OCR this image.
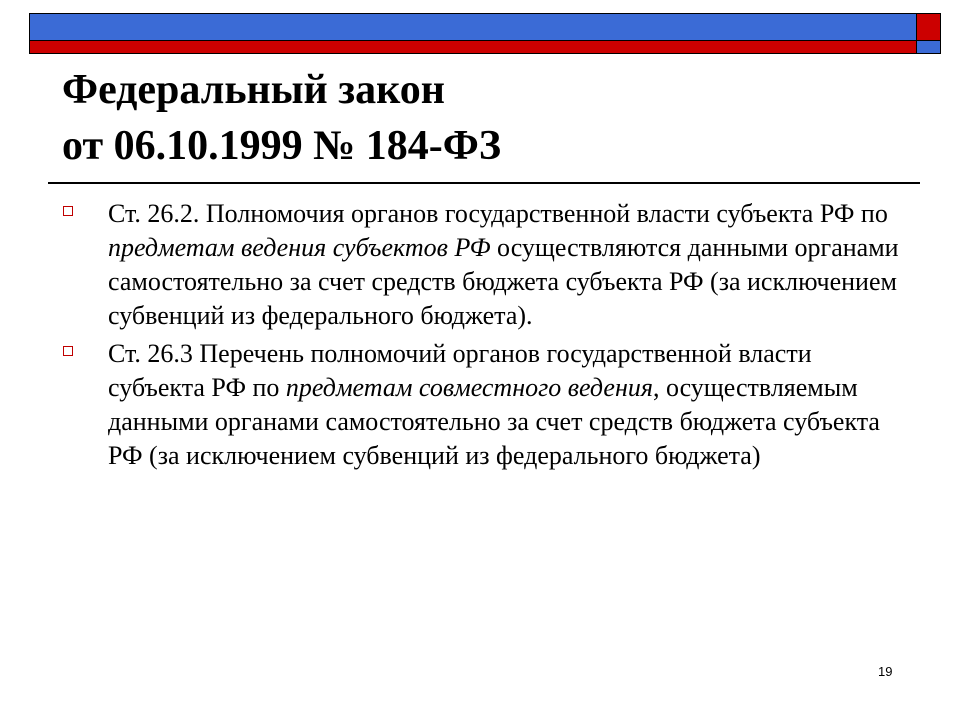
Федеральный закон
от 06.10.1999 № 184-ФЗ
Ст. 26.2. Полномочия органов государственной власти субъекта РФ по предметам ведения субъектов РФ осуществляются данными органами самостоятельно за счет средств бюджета субъекта РФ (за исключением субвенций из федерального бюджета).
Ст. 26.3 Перечень полномочий органов государственной власти субъекта РФ по предметам совместного ведения, осуществляемым данными органами самостоятельно за счет средств бюджета субъекта РФ (за исключением субвенций из федерального бюджета)
19
